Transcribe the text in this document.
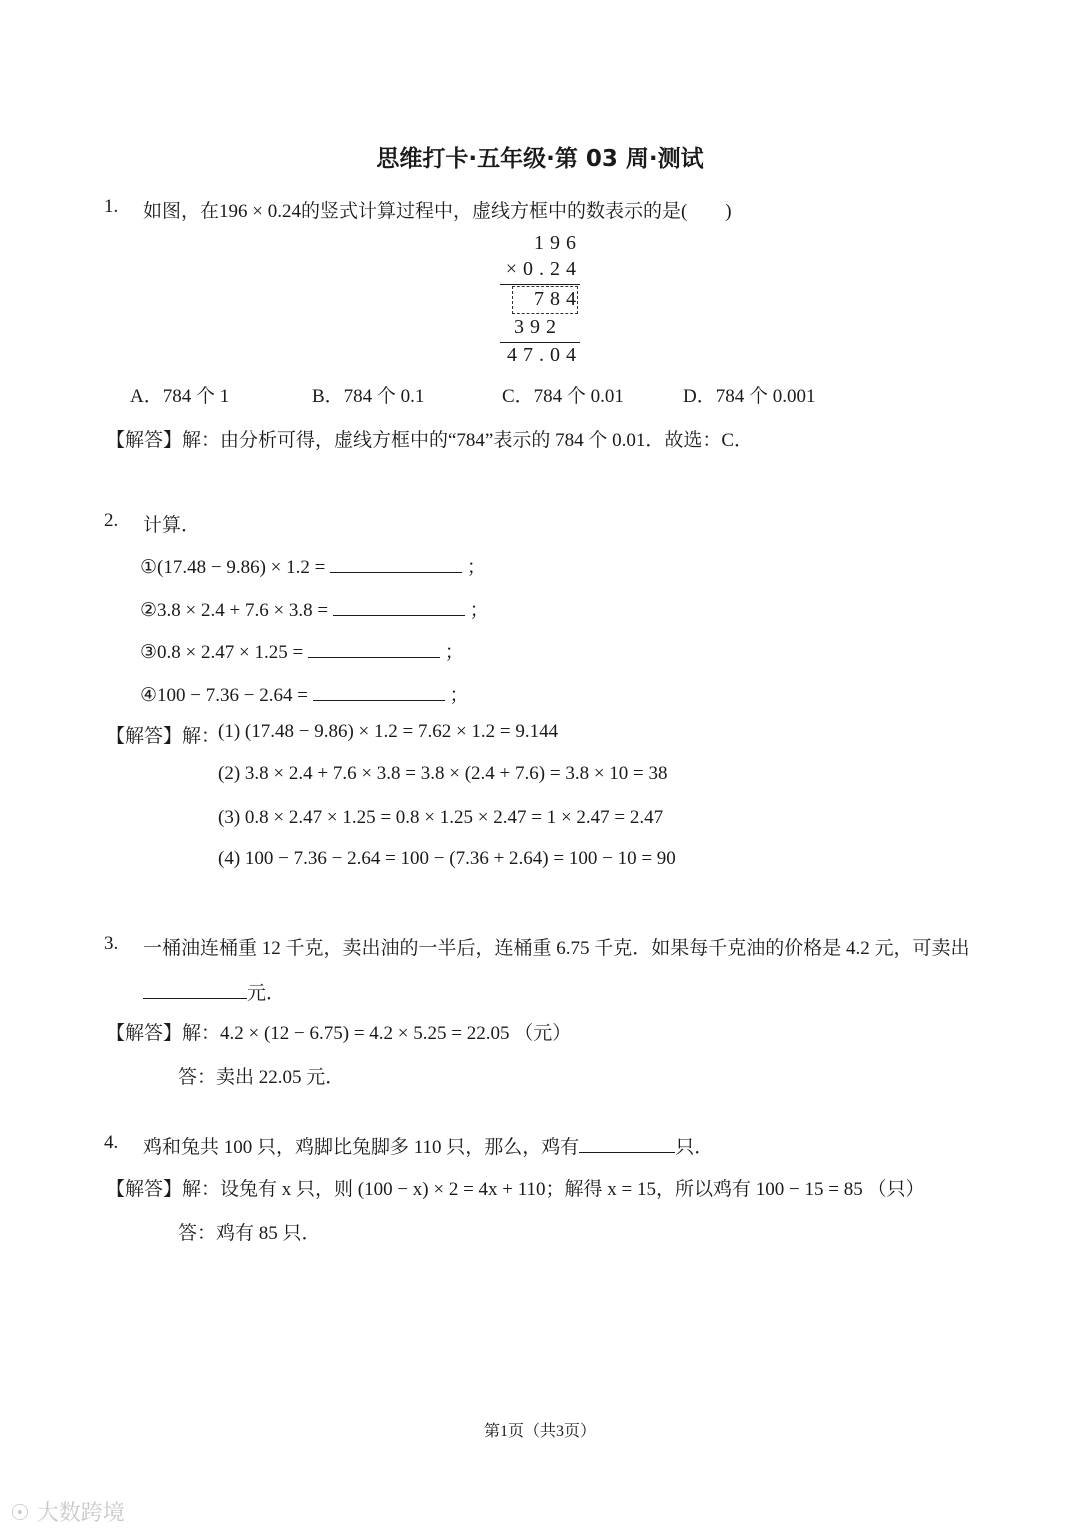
思维打卡·五年级·第 03 周·测试
1. 如图，在196 × 0.24的竖式计算过程中，虚线方框中的数表示的是(　　)
196
×0.24
784
392
47.04
A．784 个 1	B．784 个 0.1	C．784 个 0.01	D．784 个 0.001
【解答】解：由分析可得，虚线方框中的“784”表示的 784 个 0.01．故选：C．
2. 计算．
①(17.48 − 9.86) × 1.2 =	；
②3.8 × 2.4 + 7.6 × 3.8 =	；
③0.8 × 2.47 × 1.25 =	；
④100 − 7.36 − 2.64 =	；
【解答】解：
(1) (17.48 − 9.86) × 1.2 = 7.62 × 1.2 = 9.144
(2) 3.8 × 2.4 + 7.6 × 3.8 = 3.8 × (2.4 + 7.6) = 3.8 × 10 = 38
(3) 0.8 × 2.47 × 1.25 = 0.8 × 1.25 × 2.47 = 1 × 2.47 = 2.47
(4) 100 − 7.36 − 2.64 = 100 − (7.36 + 2.64) = 100 − 10 = 90
3. 一桶油连桶重 12 千克，卖出油的一半后，连桶重 6.75 千克．如果每千克油的价格是 4.2 元，可卖出
元．
【解答】解：4.2 × (12 − 6.75) = 4.2 × 5.25 = 22.05 （元）
答：卖出 22.05 元．
4. 鸡和兔共 100 只，鸡脚比兔脚多 110 只，那么，鸡有	只．
【解答】解：设兔有 x 只，则 (100 − x) × 2 = 4x + 110；解得 x = 15，所以鸡有 100 − 15 = 85 （只）
答：鸡有 85 只．
第1页（共3页）
☉ 大数跨境
